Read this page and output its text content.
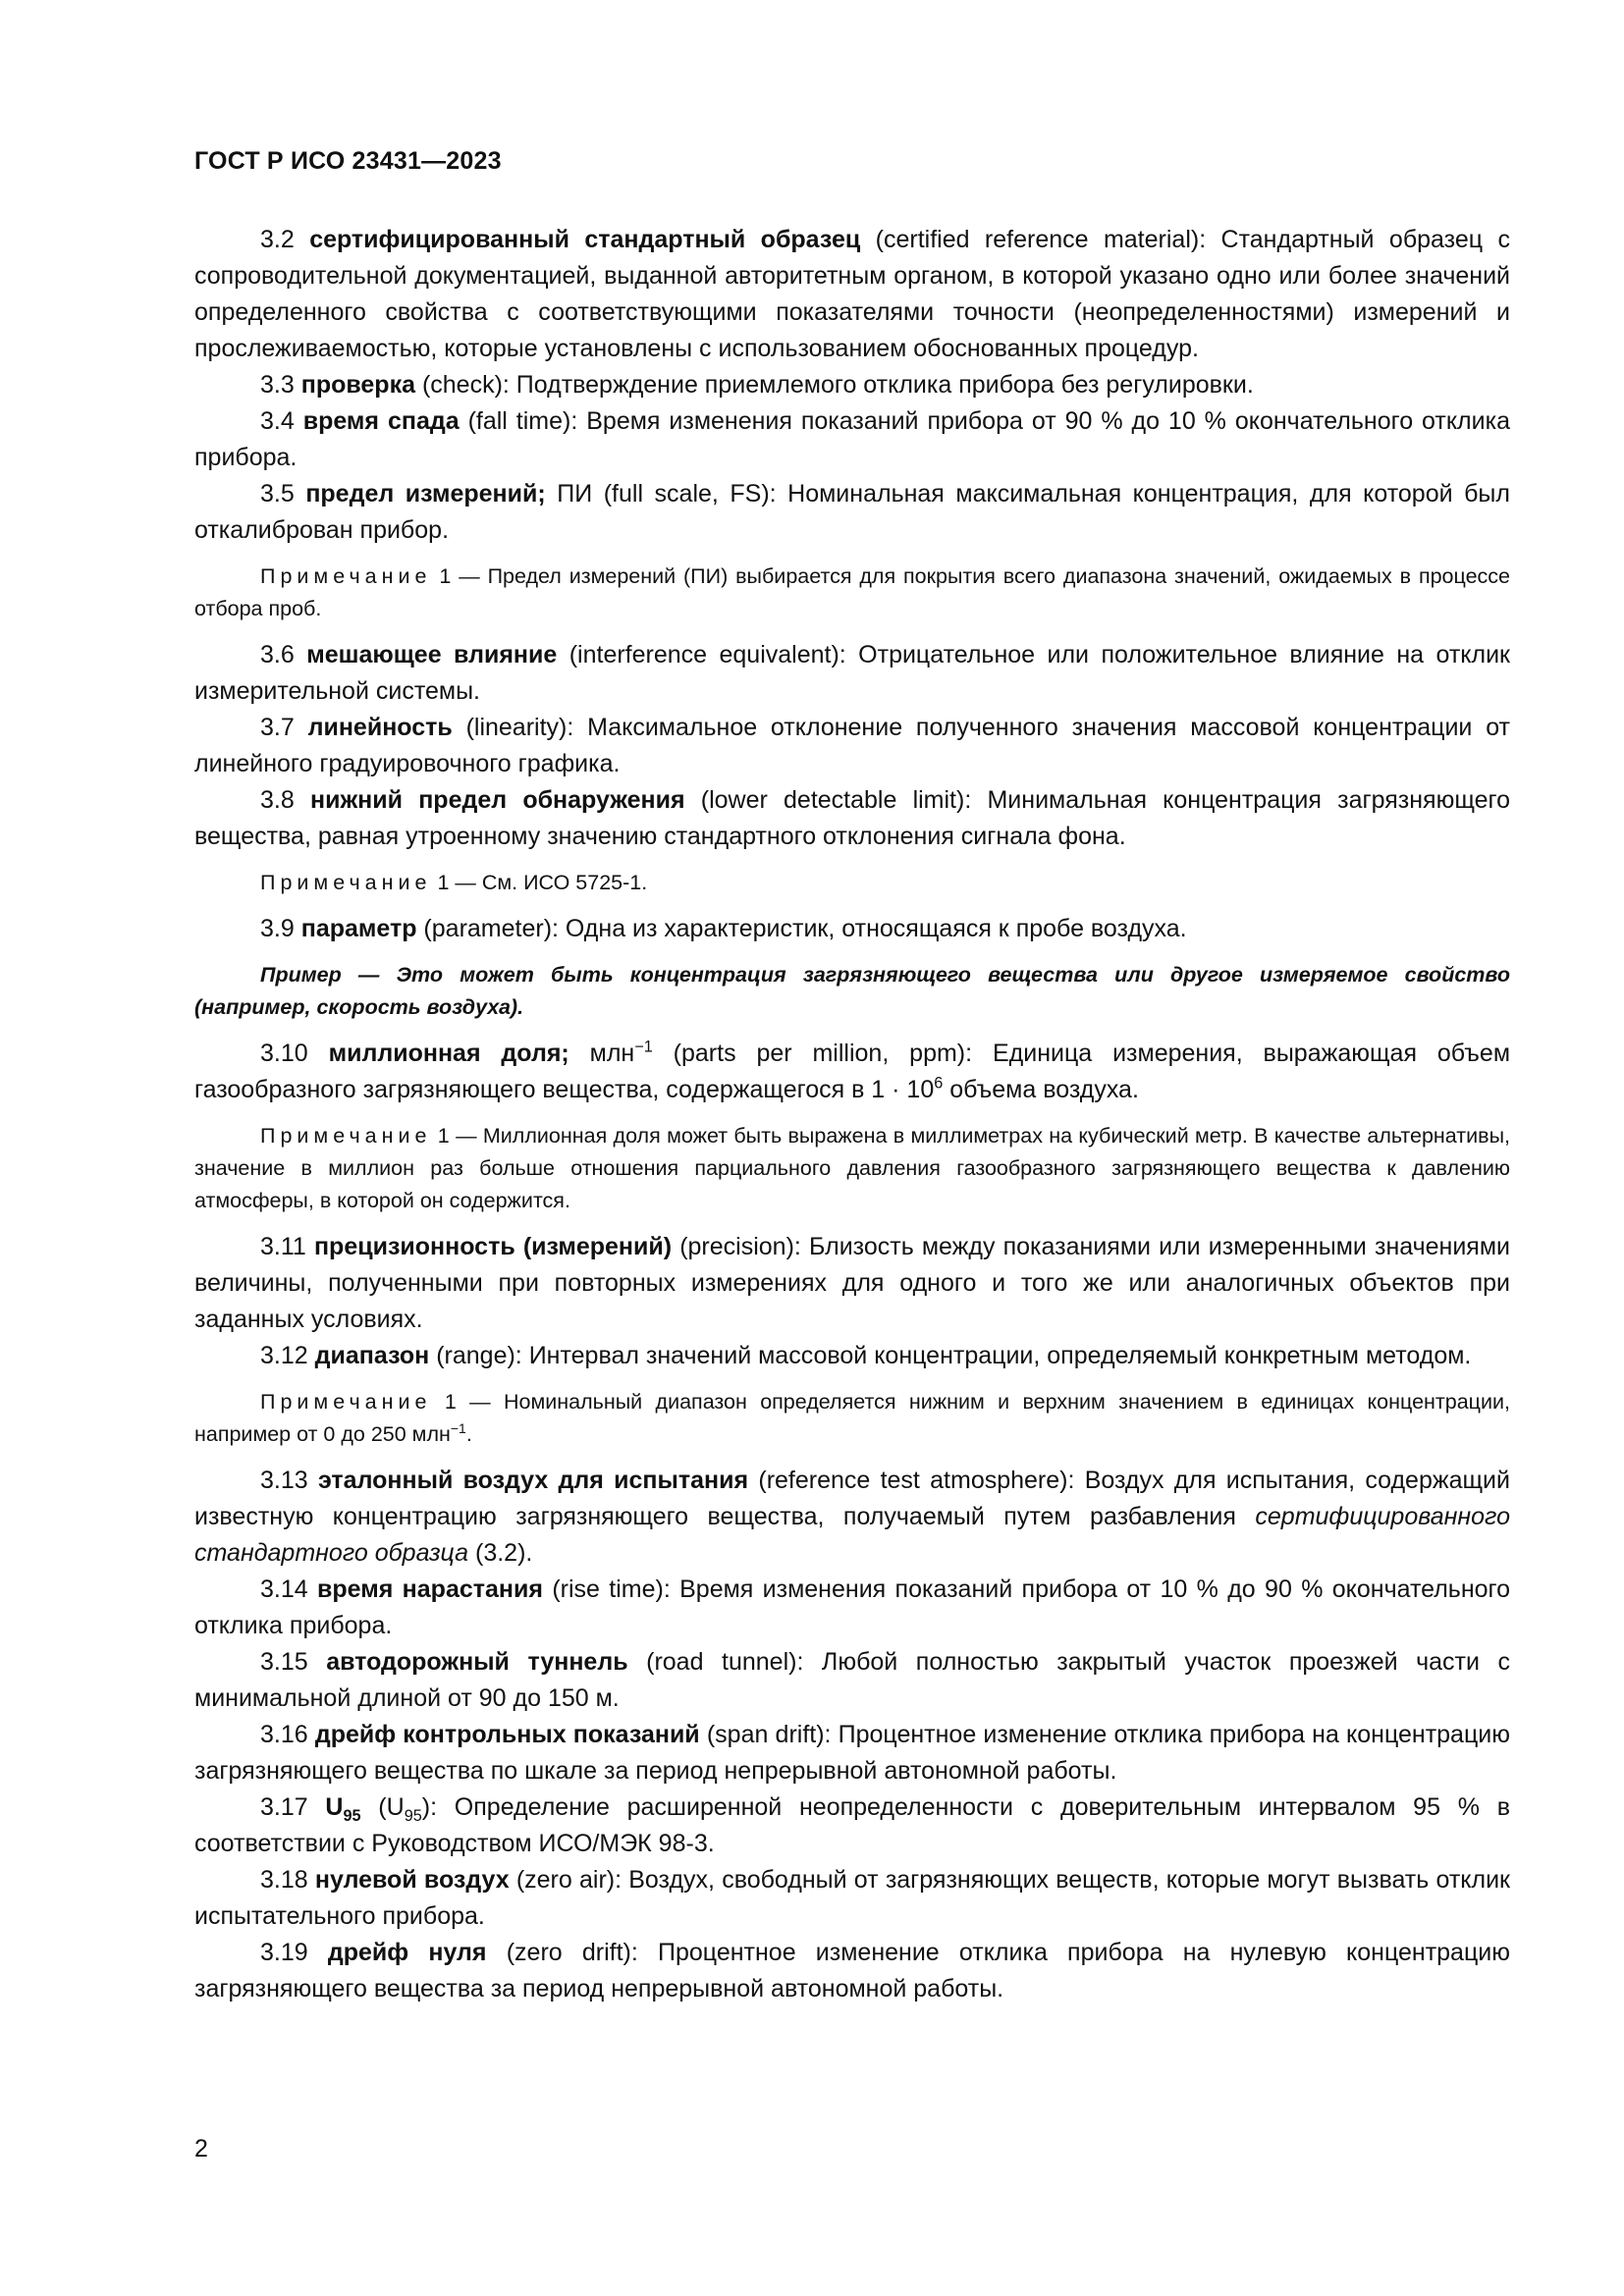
ГОСТ Р ИСО 23431—2023

3.2 сертифицированный стандартный образец (certified reference material): Стандартный образец с сопроводительной документацией, выданной авторитетным органом, в которой указано одно или более значений определенного свойства с соответствующими показателями точности (неопределенностями) измерений и прослеживаемостью, которые установлены с использованием обоснованных процедур.

3.3 проверка (check): Подтверждение приемлемого отклика прибора без регулировки.

3.4 время спада (fall time): Время изменения показаний прибора от 90 % до 10 % окончательного отклика прибора.

3.5 предел измерений; ПИ (full scale, FS): Номинальная максимальная концентрация, для которой был откалиброван прибор.

Примечание 1 — Предел измерений (ПИ) выбирается для покрытия всего диапазона значений, ожидаемых в процессе отбора проб.

3.6 мешающее влияние (interference equivalent): Отрицательное или положительное влияние на отклик измерительной системы.

3.7 линейность (linearity): Максимальное отклонение полученного значения массовой концентрации от линейного градуировочного графика.

3.8 нижний предел обнаружения (lower detectable limit): Минимальная концентрация загрязняющего вещества, равная утроенному значению стандартного отклонения сигнала фона.

Примечание 1 — См. ИСО 5725-1.

3.9 параметр (parameter): Одна из характеристик, относящаяся к пробе воздуха.

Пример — Это может быть концентрация загрязняющего вещества или другое измеряемое свойство (например, скорость воздуха).

3.10 миллионная доля; млн$^{-1}$ (parts per million, ppm): Единица измерения, выражающая объем газообразного загрязняющего вещества, содержащегося в $1 \cdot 10^6$ объема воздуха.

Примечание 1 — Миллионная доля может быть выражена в миллиметрах на кубический метр. В качестве альтернативы, значение в миллион раз больше отношения парциального давления газообразного загрязняющего вещества к давлению атмосферы, в которой он содержится.

3.11 прецизионность (измерений) (precision): Близость между показаниями или измеренными значениями величины, полученными при повторных измерениях для одного и того же или аналогичных объектов при заданных условиях.

3.12 диапазон (range): Интервал значений массовой концентрации, определяемый конкретным методом.

Примечание 1 — Номинальный диапазон определяется нижним и верхним значением в единицах концентрации, например от 0 до 250 млн$^{-1}$.

3.13 эталонный воздух для испытания (reference test atmosphere): Воздух для испытания, содержащий известную концентрацию загрязняющего вещества, получаемый путем разбавления сертифицированного стандартного образца (3.2).

3.14 время нарастания (rise time): Время изменения показаний прибора от 10 % до 90 % окончательного отклика прибора.

3.15 автодорожный туннель (road tunnel): Любой полностью закрытый участок проезжей части с минимальной длиной от 90 до 150 м.

3.16 дрейф контрольных показаний (span drift): Процентное изменение отклика прибора на концентрацию загрязняющего вещества по шкале за период непрерывной автономной работы.

3.17 $U_{95}$ $(U_{95})$: Определение расширенной неопределенности с доверительным интервалом 95 % в соответствии с Руководством ИСО/МЭК 98-3.

3.18 нулевой воздух (zero air): Воздух, свободный от загрязняющих веществ, которые могут вызвать отклик испытательного прибора.

3.19 дрейф нуля (zero drift): Процентное изменение отклика прибора на нулевую концентрацию загрязняющего вещества за период непрерывной автономной работы.

2
